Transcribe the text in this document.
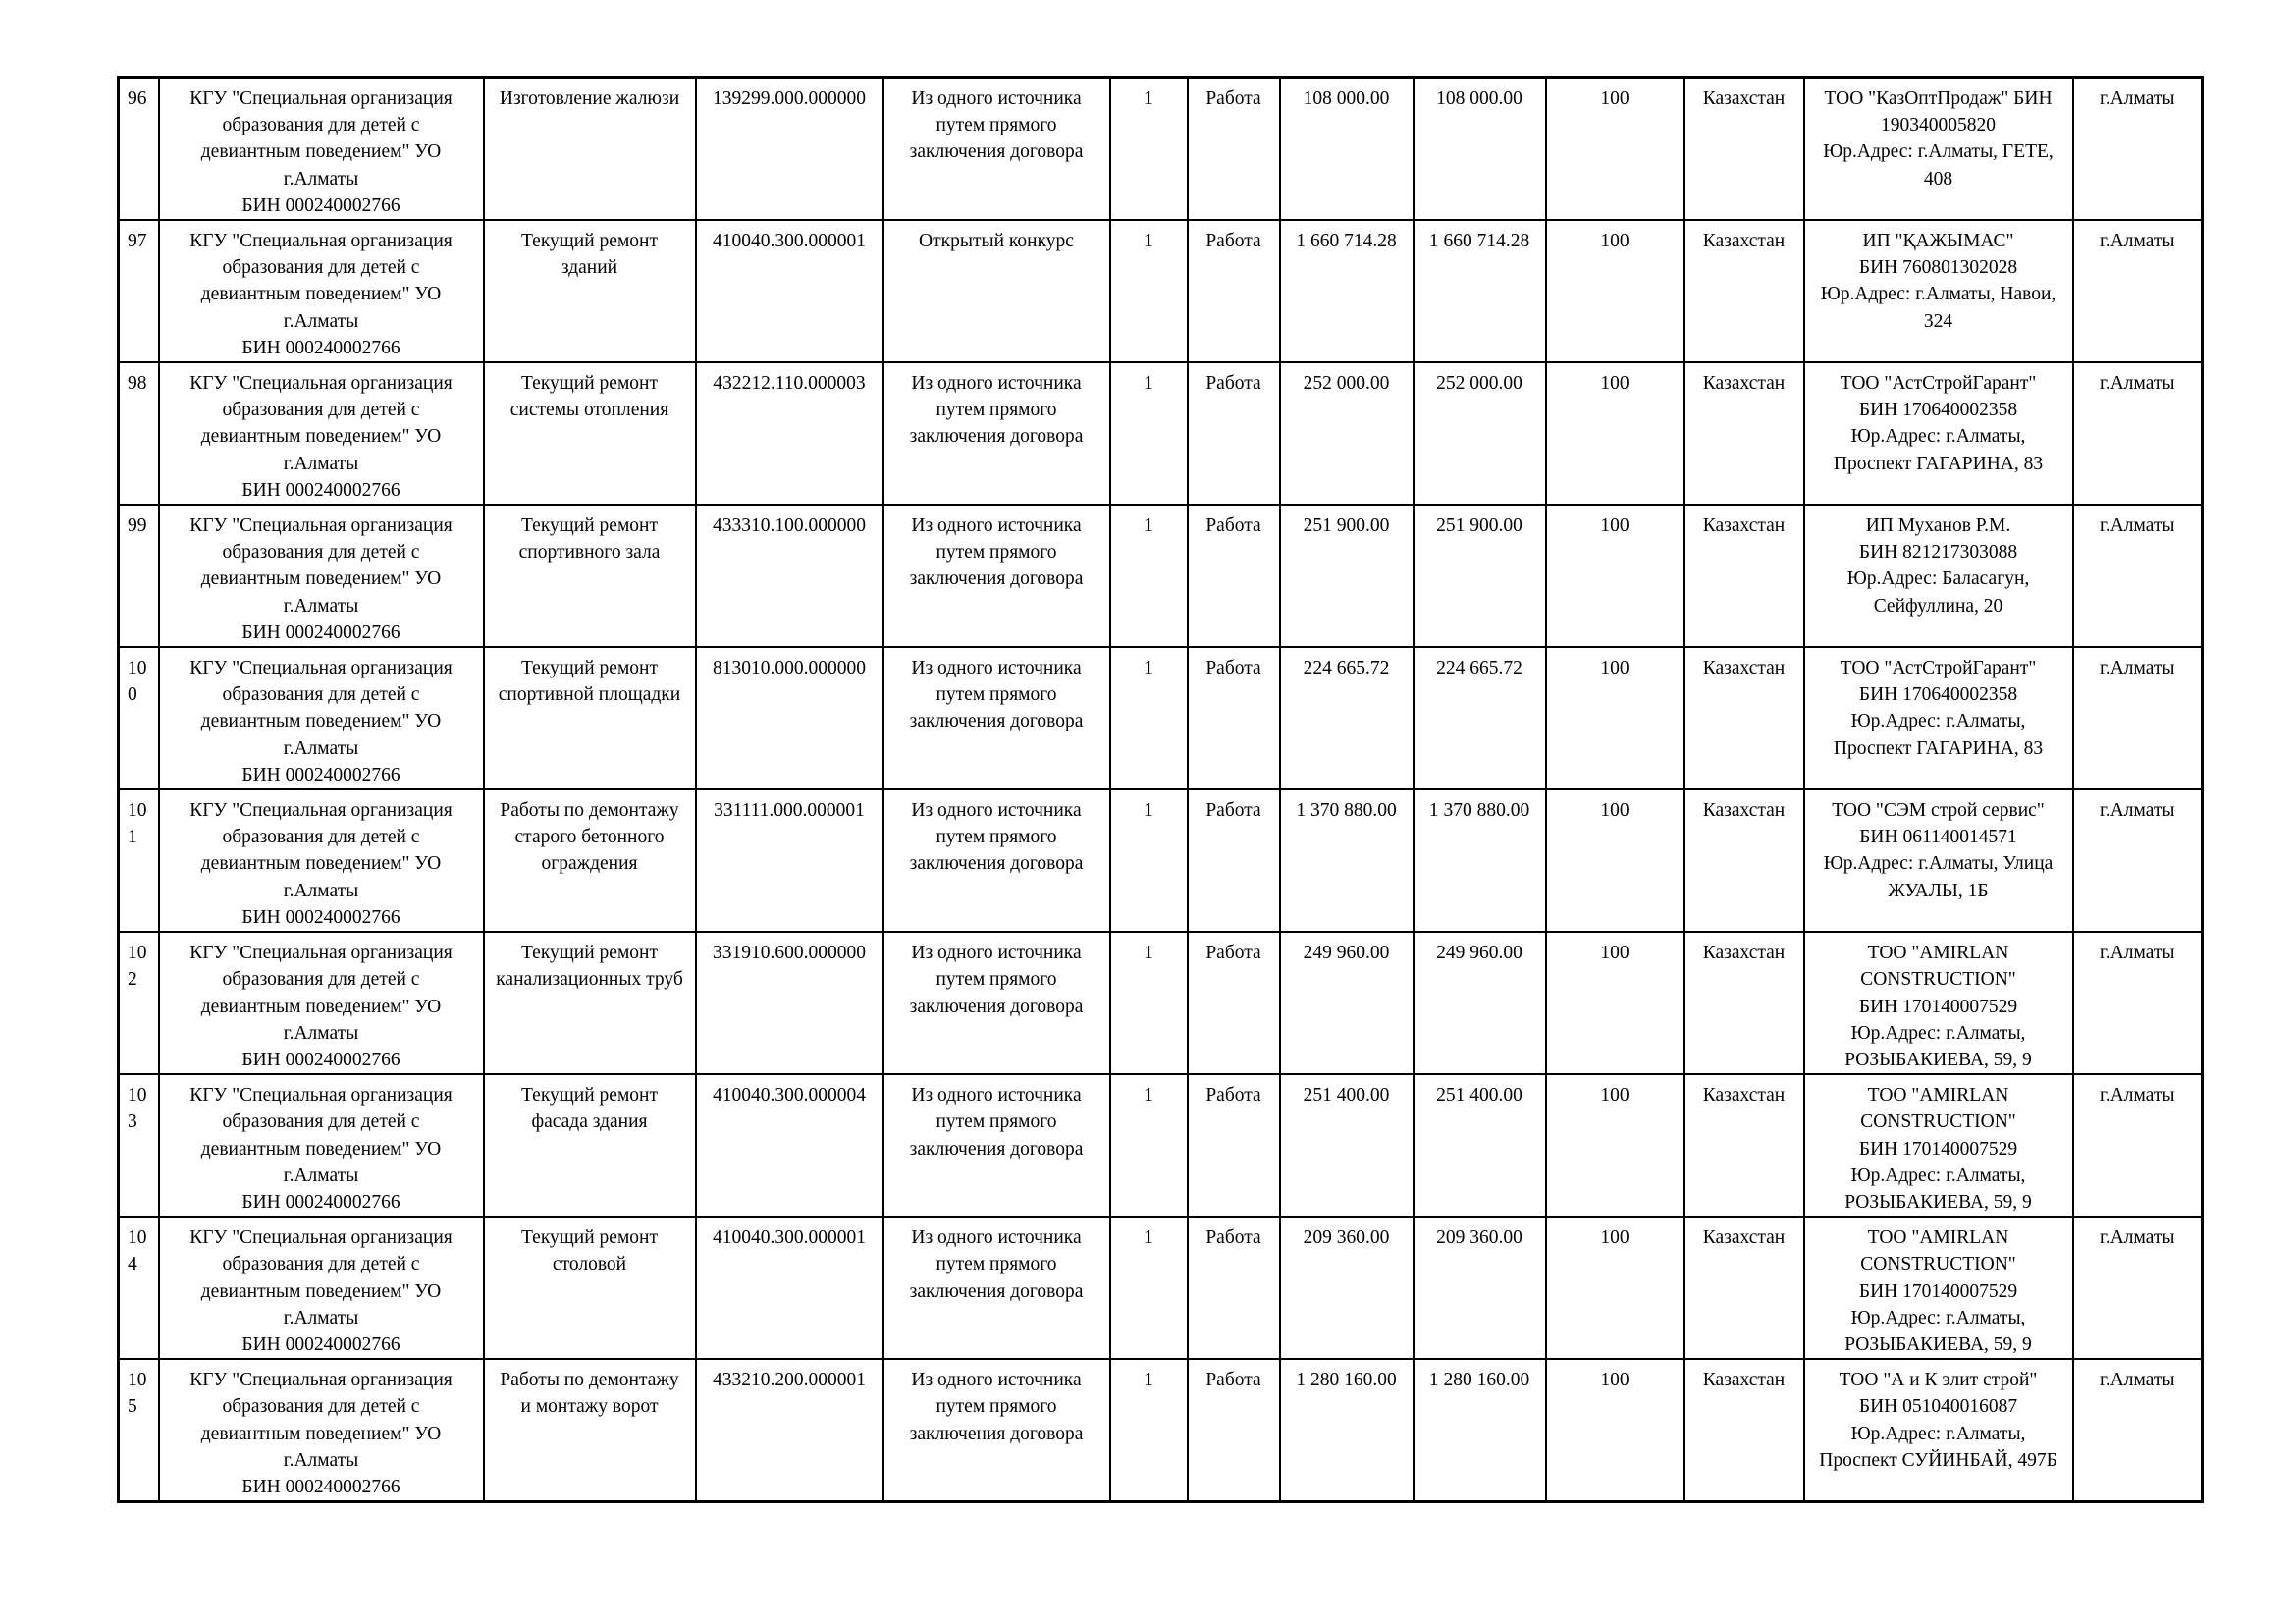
96	КГУ "Специальная организация
образования для детей с
девиантным поведением" УО
г.Алматы
БИН 000240002766	Изготовление жалюзи	139299.000.000000	Из одного источника
путем прямого
заключения договора	1	Работа	108 000.00	108 000.00	100	Казахстан	ТОО "КазОптПродаж" БИН
190340005820
Юр.Адрес: г.Алматы, ГЕТЕ,
408	г.Алматы
97	КГУ "Специальная организация
образования для детей с
девиантным поведением" УО
г.Алматы
БИН 000240002766	Текущий ремонт
зданий	410040.300.000001	Открытый конкурс	1	Работа	1 660 714.28	1 660 714.28	100	Казахстан	ИП "ҚАЖЫМАС"
БИН 760801302028
Юр.Адрес: г.Алматы, Навои,
324	г.Алматы
98	КГУ "Специальная организация
образования для детей с
девиантным поведением" УО
г.Алматы
БИН 000240002766	Текущий ремонт
системы отопления	432212.110.000003	Из одного источника
путем прямого
заключения договора	1	Работа	252 000.00	252 000.00	100	Казахстан	ТОО "АстСтройГарант"
БИН 170640002358
Юр.Адрес: г.Алматы,
Проспект ГАГАРИНА, 83	г.Алматы
99	КГУ "Специальная организация
образования для детей с
девиантным поведением" УО
г.Алматы
БИН 000240002766	Текущий ремонт
спортивного зала	433310.100.000000	Из одного источника
путем прямого
заключения договора	1	Работа	251 900.00	251 900.00	100	Казахстан	ИП Муханов Р.М.
БИН 821217303088
Юр.Адрес: Баласагун,
Сейфуллина, 20	г.Алматы
100	КГУ "Специальная организация
образования для детей с
девиантным поведением" УО
г.Алматы
БИН 000240002766	Текущий ремонт
спортивной площадки	813010.000.000000	Из одного источника
путем прямого
заключения договора	1	Работа	224 665.72	224 665.72	100	Казахстан	ТОО "АстСтройГарант"
БИН 170640002358
Юр.Адрес: г.Алматы,
Проспект ГАГАРИНА, 83	г.Алматы
101	КГУ "Специальная организация
образования для детей с
девиантным поведением" УО
г.Алматы
БИН 000240002766	Работы по демонтажу
старого бетонного
ограждения	331111.000.000001	Из одного источника
путем прямого
заключения договора	1	Работа	1 370 880.00	1 370 880.00	100	Казахстан	ТОО "СЭМ строй сервис"
БИН 061140014571
Юр.Адрес: г.Алматы, Улица
ЖУАЛЫ, 1Б	г.Алматы
102	КГУ "Специальная организация
образования для детей с
девиантным поведением" УО
г.Алматы
БИН 000240002766	Текущий ремонт
канализационных труб	331910.600.000000	Из одного источника
путем прямого
заключения договора	1	Работа	249 960.00	249 960.00	100	Казахстан	ТОО "AMIRLAN
CONSTRUCTION"
БИН 170140007529
Юр.Адрес: г.Алматы,
РОЗЫБАКИЕВА, 59, 9	г.Алматы
103	КГУ "Специальная организация
образования для детей с
девиантным поведением" УО
г.Алматы
БИН 000240002766	Текущий ремонт
фасада здания	410040.300.000004	Из одного источника
путем прямого
заключения договора	1	Работа	251 400.00	251 400.00	100	Казахстан	ТОО "AMIRLAN
CONSTRUCTION"
БИН 170140007529
Юр.Адрес: г.Алматы,
РОЗЫБАКИЕВА, 59, 9	г.Алматы
104	КГУ "Специальная организация
образования для детей с
девиантным поведением" УО
г.Алматы
БИН 000240002766	Текущий ремонт
столовой	410040.300.000001	Из одного источника
путем прямого
заключения договора	1	Работа	209 360.00	209 360.00	100	Казахстан	ТОО "AMIRLAN
CONSTRUCTION"
БИН 170140007529
Юр.Адрес: г.Алматы,
РОЗЫБАКИЕВА, 59, 9	г.Алматы
105	КГУ "Специальная организация
образования для детей с
девиантным поведением" УО
г.Алматы
БИН 000240002766	Работы по демонтажу
и монтажу ворот	433210.200.000001	Из одного источника
путем прямого
заключения договора	1	Работа	1 280 160.00	1 280 160.00	100	Казахстан	ТОО "А и К элит строй"
БИН 051040016087
Юр.Адрес: г.Алматы,
Проспект СУЙИНБАЙ, 497Б	г.Алматы
